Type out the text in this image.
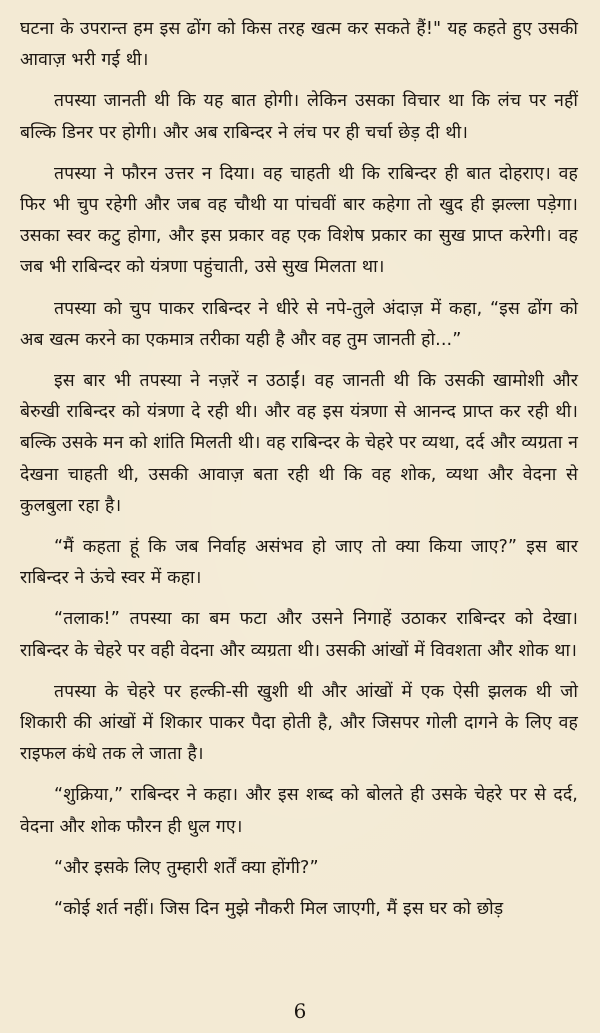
घटना के उपरान्त हम इस ढोंग को किस तरह खत्म कर सकते हैं!" यह कहते हुए उसकी आवाज़ भरी गई थी।

तपस्या जानती थी कि यह बात होगी। लेकिन उसका विचार था कि लंच पर नहीं बल्कि डिनर पर होगी। और अब राबिन्दर ने लंच पर ही चर्चा छेड़ दी थी।

तपस्या ने फौरन उत्तर न दिया। वह चाहती थी कि राबिन्दर ही बात दोहराए। वह फिर भी चुप रहेगी और जब वह चौथी या पांचवीं बार कहेगा तो खुद ही झल्ला पड़ेगा। उसका स्वर कटु होगा, और इस प्रकार वह एक विशेष प्रकार का सुख प्राप्त करेगी। वह जब भी राबिन्दर को यंत्रणा पहुंचाती, उसे सुख मिलता था।

तपस्या को चुप पाकर राबिन्दर ने धीरे से नपे-तुले अंदाज़ में कहा, “इस ढोंग को अब खत्म करने का एकमात्र तरीका यही है और वह तुम जानती हो...”

इस बार भी तपस्या ने नज़रें न उठाईं। वह जानती थी कि उसकी खामोशी और बेरुखी राबिन्दर को यंत्रणा दे रही थी। और वह इस यंत्रणा से आनन्द प्राप्त कर रही थी। बल्कि उसके मन को शांति मिलती थी। वह राबिन्दर के चेहरे पर व्यथा, दर्द और व्यग्रता न देखना चाहती थी, उसकी आवाज़ बता रही थी कि वह शोक, व्यथा और वेदना से कुलबुला रहा है।

“मैं कहता हूं कि जब निर्वाह असंभव हो जाए तो क्या किया जाए?” इस बार राबिन्दर ने ऊंचे स्वर में कहा।

“तलाक!” तपस्या का बम फटा और उसने निगाहें उठाकर राबिन्दर को देखा। राबिन्दर के चेहरे पर वही वेदना और व्यग्रता थी। उसकी आंखों में विवशता और शोक था।

तपस्या के चेहरे पर हल्की-सी खुशी थी और आंखों में एक ऐसी झलक थी जो शिकारी की आंखों में शिकार पाकर पैदा होती है, और जिसपर गोली दागने के लिए वह राइफल कंधे तक ले जाता है।

“शुक्रिया,” राबिन्दर ने कहा। और इस शब्द को बोलते ही उसके चेहरे पर से दर्द, वेदना और शोक फौरन ही धुल गए।

“और इसके लिए तुम्हारी शर्तें क्या होंगी?”

“कोई शर्त नहीं। जिस दिन मुझे नौकरी मिल जाएगी, मैं इस घर को छोड़

6
